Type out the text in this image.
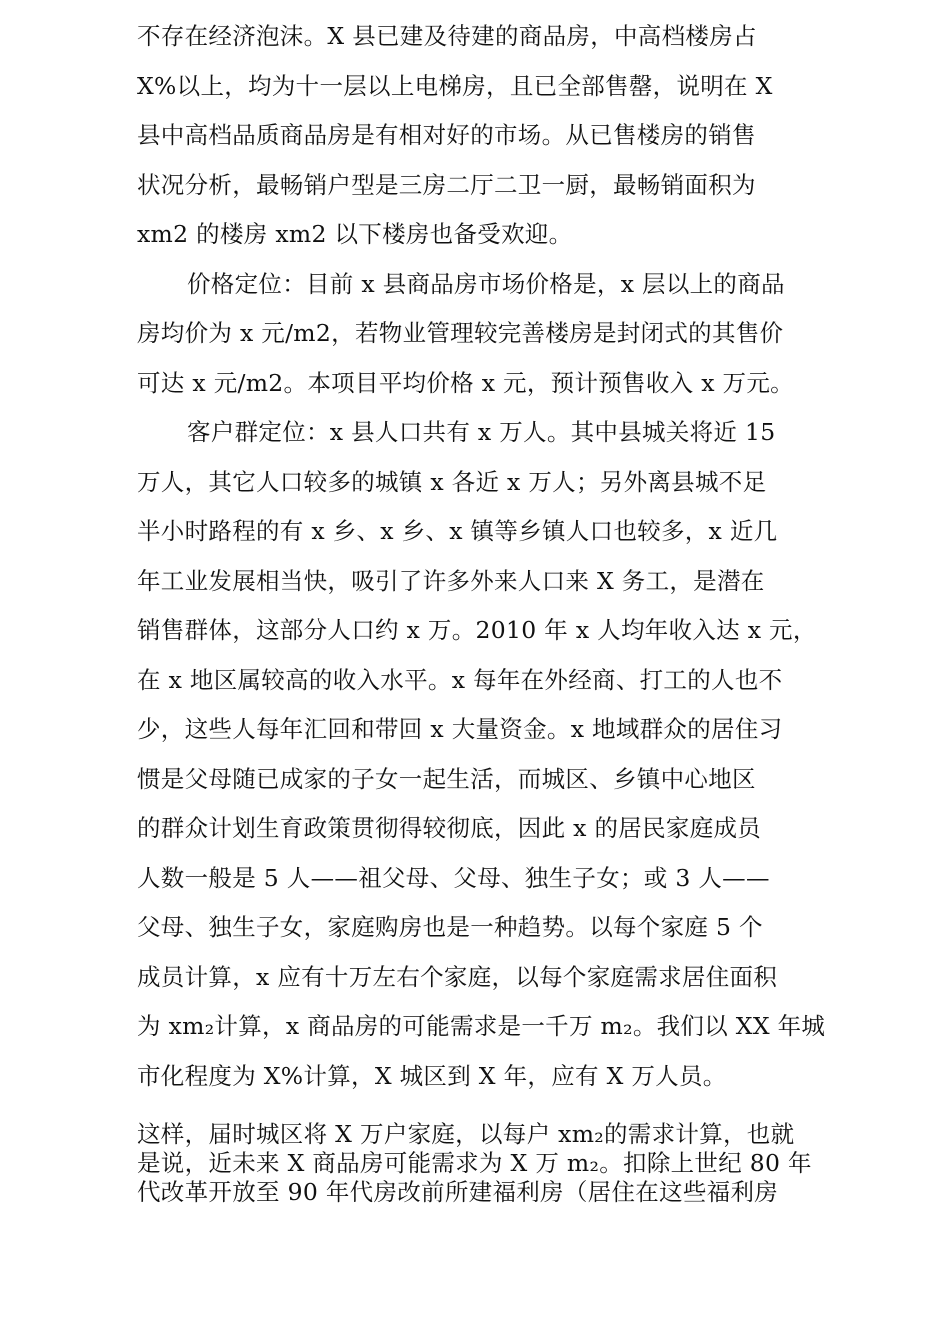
不存在经济泡沫。X 县已建及待建的商品房，中高档楼房占
X%以上，均为十一层以上电梯房，且已全部售罄，说明在 X
县中高档品质商品房是有相对好的市场。从已售楼房的销售
状况分析，最畅销户型是三房二厅二卫一厨，最畅销面积为
xm2 的楼房 xm2 以下楼房也备受欢迎。
价格定位：目前 x 县商品房市场价格是，x 层以上的商品
房均价为 x 元/m2，若物业管理较完善楼房是封闭式的其售价
可达 x 元/m2。本项目平均价格 x 元，预计预售收入 x 万元。
客户群定位：x 县人口共有 x 万人。其中县城关将近 15
万人，其它人口较多的城镇 x 各近 x 万人；另外离县城不足
半小时路程的有 x 乡、x 乡、x 镇等乡镇人口也较多，x 近几
年工业发展相当快，吸引了许多外来人口来 X 务工，是潜在
销售群体，这部分人口约 x 万。2010 年 x 人均年收入达 x 元，
在 x 地区属较高的收入水平。x 每年在外经商、打工的人也不
少，这些人每年汇回和带回 x 大量资金。x 地域群众的居住习
惯是父母随已成家的子女一起生活，而城区、乡镇中心地区
的群众计划生育政策贯彻得较彻底，因此 x 的居民家庭成员
人数一般是 5 人——祖父母、父母、独生子女；或 3 人——
父母、独生子女，家庭购房也是一种趋势。以每个家庭 5 个
成员计算，x 应有十万左右个家庭，以每个家庭需求居住面积
为 xm₂计算，x 商品房的可能需求是一千万 m₂。我们以 XX 年城
市化程度为 X%计算，X 城区到 X 年，应有 X 万人员。
这样，届时城区将 X 万户家庭，以每户 xm₂的需求计算，也就
是说，近未来 X 商品房可能需求为 X 万 m₂。扣除上世纪 80 年
代改革开放至 90 年代房改前所建福利房（居住在这些福利房
